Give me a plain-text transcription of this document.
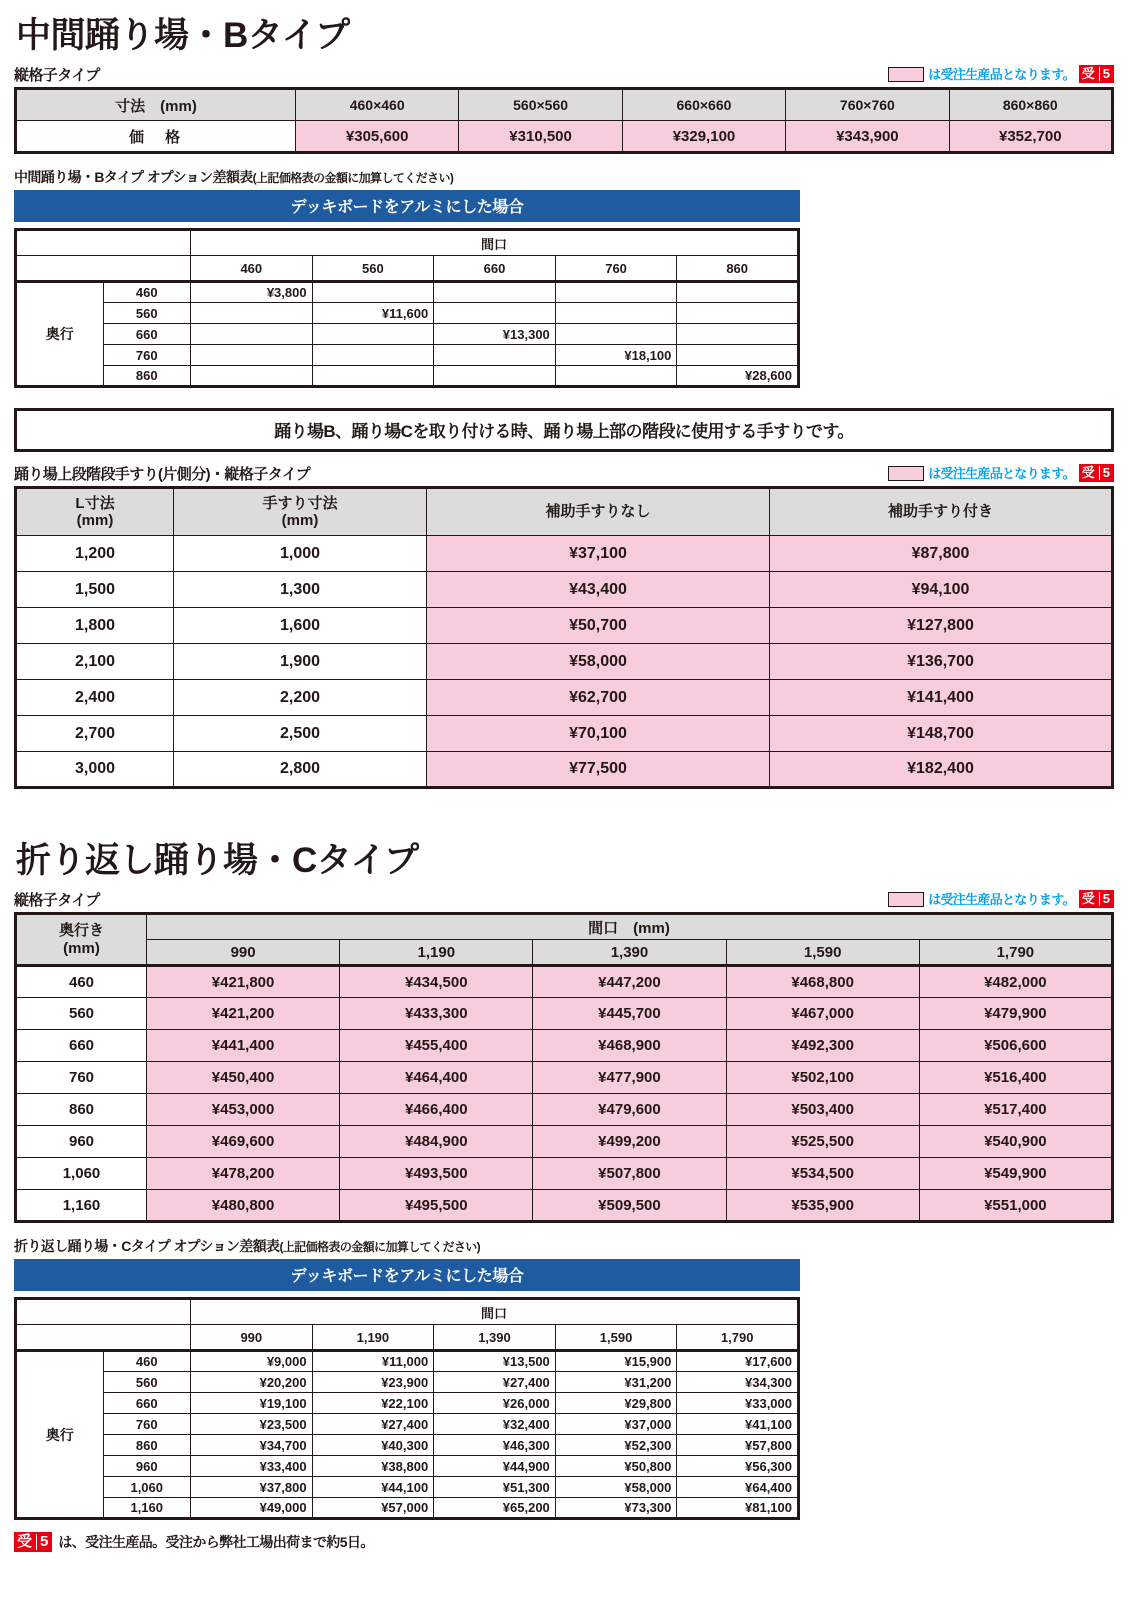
中間踊り場・Bタイプ
縦格子タイプ	は受注生産品となります。 受 5
寸法　(mm)	460×460	560×560	660×660	760×760	860×860
価　格	¥305,600	¥310,500	¥329,100	¥343,900	¥352,700
中間踊り場・Bタイプ オプション差額表(上記価格表の金額に加算してください)
デッキボードをアルミにした場合
		間口				
		460	560	660	760	860
奥行	460	¥3,800				
	560		¥11,600			
	660			¥13,300		
	760				¥18,100	
	860					¥28,600
踊り場B、踊り場Cを取り付ける時、踊り場上部の階段に使用する手すりです。
踊り場上段階段手すり(片側分)・縦格子タイプ	は受注生産品となります。 受 5
L寸法
(mm)

手すり寸法
(mm)
	補助手すりなし	補助手すり付き
1,200	1,000	¥37,100	¥87,800
1,500	1,300	¥43,400	¥94,100
1,800	1,600	¥50,700	¥127,800
2,100	1,900	¥58,000	¥136,700
2,400	2,200	¥62,700	¥141,400
2,700	2,500	¥70,100	¥148,700
3,000	2,800	¥77,500	¥182,400
折り返し踊り場・Cタイプ
縦格子タイプ	は受注生産品となります。 受 5
奥行き
(mm)	間口　(mm)				
	990	1,190	1,390	1,590	1,790
460	¥421,800	¥434,500	¥447,200	¥468,800	¥482,000
560	¥421,200	¥433,300	¥445,700	¥467,000	¥479,900
660	¥441,400	¥455,400	¥468,900	¥492,300	¥506,600
760	¥450,400	¥464,400	¥477,900	¥502,100	¥516,400
860	¥453,000	¥466,400	¥479,600	¥503,400	¥517,400
960	¥469,600	¥484,900	¥499,200	¥525,500	¥540,900
1,060	¥478,200	¥493,500	¥507,800	¥534,500	¥549,900
1,160	¥480,800	¥495,500	¥509,500	¥535,900	¥551,000
折り返し踊り場・Cタイプ オプション差額表(上記価格表の金額に加算してください)
デッキボードをアルミにした場合
		間口				
		990	1,190	1,390	1,590	1,790
奥行	460	¥9,000	¥11,000	¥13,500	¥15,900	¥17,600
	560	¥20,200	¥23,900	¥27,400	¥31,200	¥34,300
	660	¥19,100	¥22,100	¥26,000	¥29,800	¥33,000
	760	¥23,500	¥27,400	¥32,400	¥37,000	¥41,100
	860	¥34,700	¥40,300	¥46,300	¥52,300	¥57,800
	960	¥33,400	¥38,800	¥44,900	¥50,800	¥56,300
	1,060	¥37,800	¥44,100	¥51,300	¥58,000	¥64,400
	1,160	¥49,000	¥57,000	¥65,200	¥73,300	¥81,100
受 5 は、受注生産品。受注から弊社工場出荷まで約5日。
